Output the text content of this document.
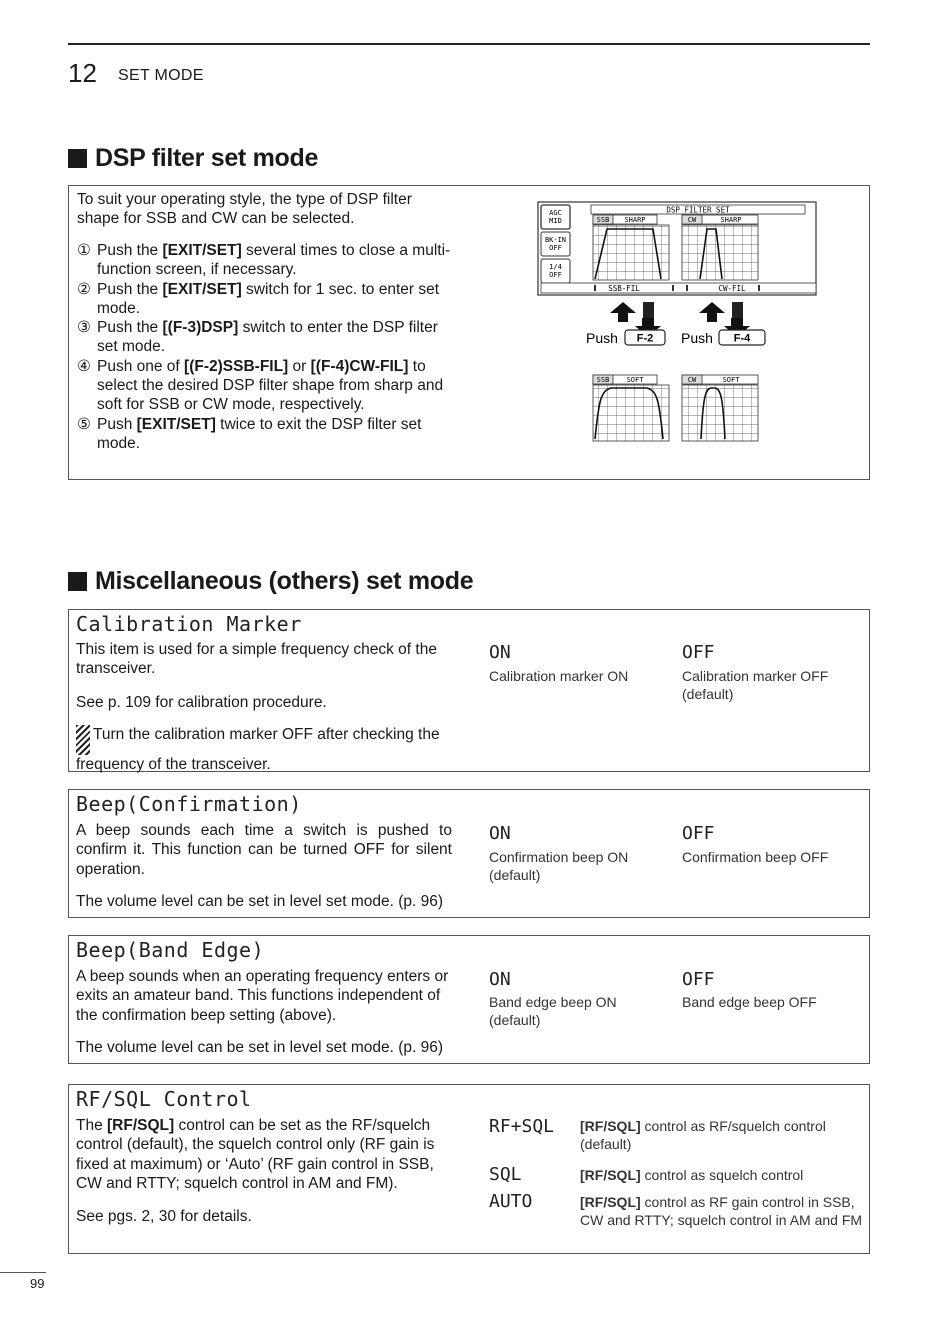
12 SET MODE
DSP filter set mode
To suit your operating style, the type of DSP filter shape for SSB and CW can be selected.
① Push the [EXIT/SET] several times to close a multi-function screen, if necessary.
② Push the [EXIT/SET] switch for 1 sec. to enter set mode.
③ Push the [(F-3)DSP] switch to enter the DSP filter set mode.
④ Push one of [(F-2)SSB-FIL] or [(F-4)CW-FIL] to select the desired DSP filter shape from sharp and soft for SSB or CW mode, respectively.
⑤ Push [EXIT/SET] twice to exit the DSP filter set mode.
AGC
MID
BK-IN
OFF
1/4
OFF
DSP FILTER SET
SSB SHARP	CW	SHARP
SSB-FIL	CW-FIL
Push F-2 Push F-4
SSB SOFT	CW	SOFT
Miscellaneous (others) set mode
Calibration Marker
This item is used for a simple frequency check of the transceiver.
See p. 109 for calibration procedure.
Turn the calibration marker OFF after checking the frequency of the transceiver.
ON
Calibration marker ON
OFF
Calibration marker OFF (default)
Beep(Confirmation)
A beep sounds each time a switch is pushed to confirm it. This function can be turned OFF for silent operation.
The volume level can be set in level set mode. (p. 96)
ON
Confirmation beep ON (default)
OFF
Confirmation beep OFF
Beep(Band Edge)
A beep sounds when an operating frequency enters or exits an amateur band. This functions independent of the confirmation beep setting (above).
The volume level can be set in level set mode. (p. 96)
ON
Band edge beep ON (default)
OFF
Band edge beep OFF
RF/SQL Control
The [RF/SQL] control can be set as the RF/squelch control (default), the squelch control only (RF gain is fixed at maximum) or ‘Auto’ (RF gain control in SSB, CW and RTTY; squelch control in AM and FM).
See pgs. 2, 30 for details.
RF+SQL [RF/SQL] control as RF/squelch control (default)
SQL	[RF/SQL] control as squelch control
AUTO	[RF/SQL] control as RF gain control in SSB, CW and RTTY; squelch control in AM and FM
99
